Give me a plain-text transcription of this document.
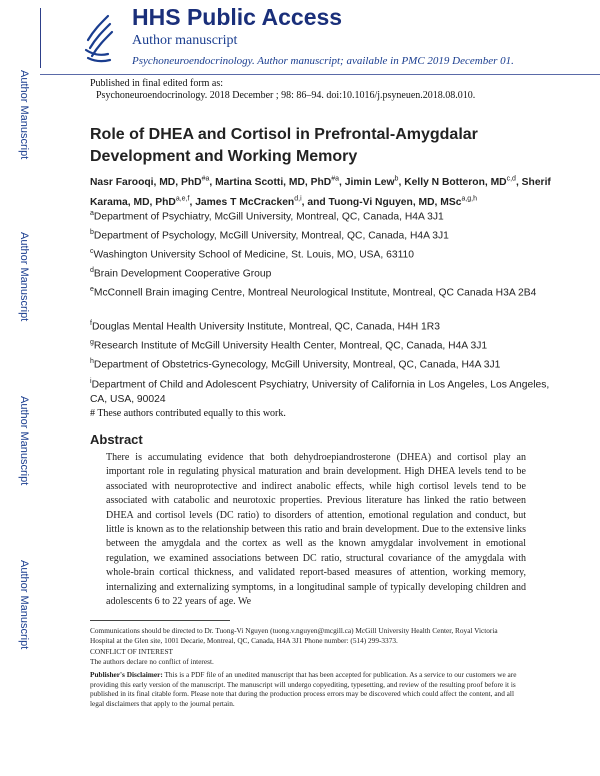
Author Manuscript
Author Manuscript
Author Manuscript
Author Manuscript
HHS Public Access
Author manuscript
Psychoneuroendocrinology. Author manuscript; available in PMC 2019 December 01.
Published in final edited form as:
Psychoneuroendocrinology. 2018 December ; 98: 86–94. doi:10.1016/j.psyneuen.2018.08.010.
Role of DHEA and Cortisol in Prefrontal-Amygdalar Development and Working Memory
Nasr Farooqi, MD, PhD$^{\#a}$, Martina Scotti, MD, PhD$^{\#a}$, Jimin Lew$^b$, Kelly N Botteron, MD$^{c,d}$, Sherif Karama, MD, PhD$^{a,e,f}$, James T McCracken$^{d,i}$, and Tuong-Vi Nguyen, MD, MSc$^{a,g,h}$
$^a$Department of Psychiatry, McGill University, Montreal, QC, Canada, H4A 3J1
$^b$Department of Psychology, McGill University, Montreal, QC, Canada, H4A 3J1
$^c$Washington University School of Medicine, St. Louis, MO, USA, 63110
$^d$Brain Development Cooperative Group
$^e$McConnell Brain imaging Centre, Montreal Neurological Institute, Montreal, QC Canada H3A 2B4
$^f$Douglas Mental Health University Institute, Montreal, QC, Canada, H4H 1R3
$^g$Research Institute of McGill University Health Center, Montreal, QC, Canada, H4A 3J1
$^h$Department of Obstetrics-Gynecology, McGill University, Montreal, QC, Canada, H4A 3J1
$^i$Department of Child and Adolescent Psychiatry, University of California in Los Angeles, Los Angeles, CA, USA, 90024
# These authors contributed equally to this work.
Abstract
There is accumulating evidence that both dehydroepiandrosterone (DHEA) and cortisol play an important role in regulating physical maturation and brain development. High DHEA levels tend to be associated with neuroprotective and indirect anabolic effects, while high cortisol levels tend to be associated with catabolic and neurotoxic properties. Previous literature has linked the ratio between DHEA and cortisol levels (DC ratio) to disorders of attention, emotional regulation and conduct, but little is known as to the relationship between this ratio and brain development. Due to the extensive links between the amygdala and the cortex as well as the known amygdalar involvement in emotional regulation, we examined associations between DC ratio, structural covariance of the amygdala with whole-brain cortical thickness, and validated report-based measures of attention, working memory, internalizing and externalizing symptoms, in a longitudinal sample of typically developing children and adolescents 6 to 22 years of age. We
Communications should be directed to Dr. Tuong-Vi Nguyen (tuong.v.nguyen@mcgill.ca) McGill University Health Center, Royal Victoria Hospital at the Glen site, 1001 Decarie, Montreal, QC, Canada, H4A 3J1 Phone number: (514) 299-3373.
CONFLICT OF INTEREST
The authors declare no conflict of interest.
Publisher's Disclaimer: This is a PDF file of an unedited manuscript that has been accepted for publication. As a service to our customers we are providing this early version of the manuscript. The manuscript will undergo copyediting, typesetting, and review of the resulting proof before it is published in its final citable form. Please note that during the production process errors may be discovered which could affect the content, and all legal disclaimers that apply to the journal pertain.
